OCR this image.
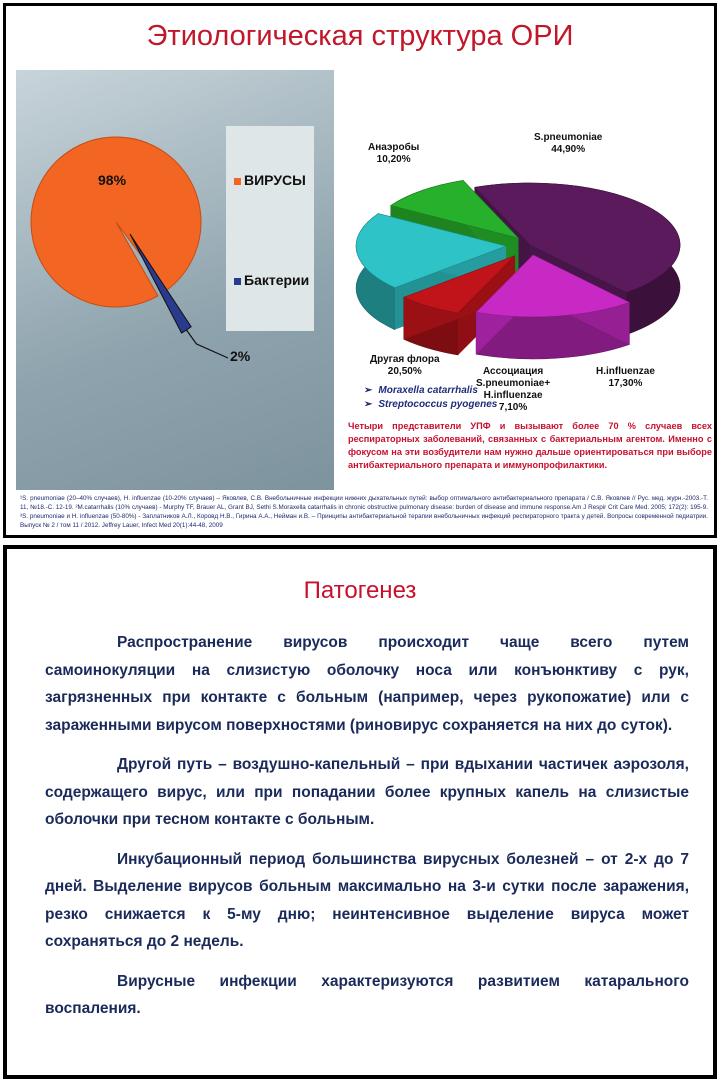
Этиологическая структура ОРИ
98%
2%
ВИРУСЫ
Бактерии
S.pneumoniae
44,90%
Анаэробы
10,20%
H.influenzae
17,30%
Другая флора
20,50%	Ассоциация
S.pneumoniae+
H.influenzae
7,10%
➢ Moraxella catarrhalis
➢ Streptococcus pyogenes
Четыри представители УПФ и вызывают более 70 % случаев всех респираторных заболеваний, связанных с бактериальным агентом. Именно с фокусом на эти возбудители нам нужно дальше ориентироваться при выборе антибактериального препарата и иммунопрофилактики.
¹S. pneumoniae (20–40% случаев), H. influenzae (10-20% случаев) – Яковлев, С.В. Внебольничные инфекции нижних дыхательных путей: выбор оптимального антибактериального препарата / С.В. Яковлев // Рус. мед. журн.-2003.-Т. 11, №18.-С. 12-19. ²M.catarrhalis (10% случаев) - Murphy TF, Brauer AL, Grant BJ, Sethi S.Moraxella catarrhalis in chronic obstructive pulmonary disease: burden of disease and immune response.Am J Respir Crit Care Med. 2005; 172(2): 195-9. ³S. pneumoniae и H. influenzae (50-80%) - Заплатников А.Л., Коровд Н.В., Гирина А.А., Нейман и.В. – Принципы антибактериальной терапии внебольничных инфекций респираторного тракта у детей. Вопросы современной педиатрии. Выпуск № 2 / том 11 / 2012. Jeffrey Lauer, Infect Med 20(1):44-48, 2009
Патогенез

Распространение вирусов происходит чаще всего путем самоинокуляции на слизистую оболочку носа или конъюнктиву с рук, загрязненных при контакте с больным (например, через рукопожатие) или с зараженными вирусом поверхностями (риновирус сохраняется на них до суток).

Другой путь – воздушно-капельный – при вдыхании частичек аэрозоля, содержащего вирус, или при попадании более крупных капель на слизистые оболочки при тесном контакте с больным.

Инкубационный период большинства вирусных болезней – от 2-х до 7 дней. Выделение вирусов больным максимально на 3-и сутки после заражения, резко снижается к 5-му дню; неинтенсивное выделение вируса может сохраняться до 2 недель.

Вирусные инфекции характеризуются развитием катарального воспаления.
